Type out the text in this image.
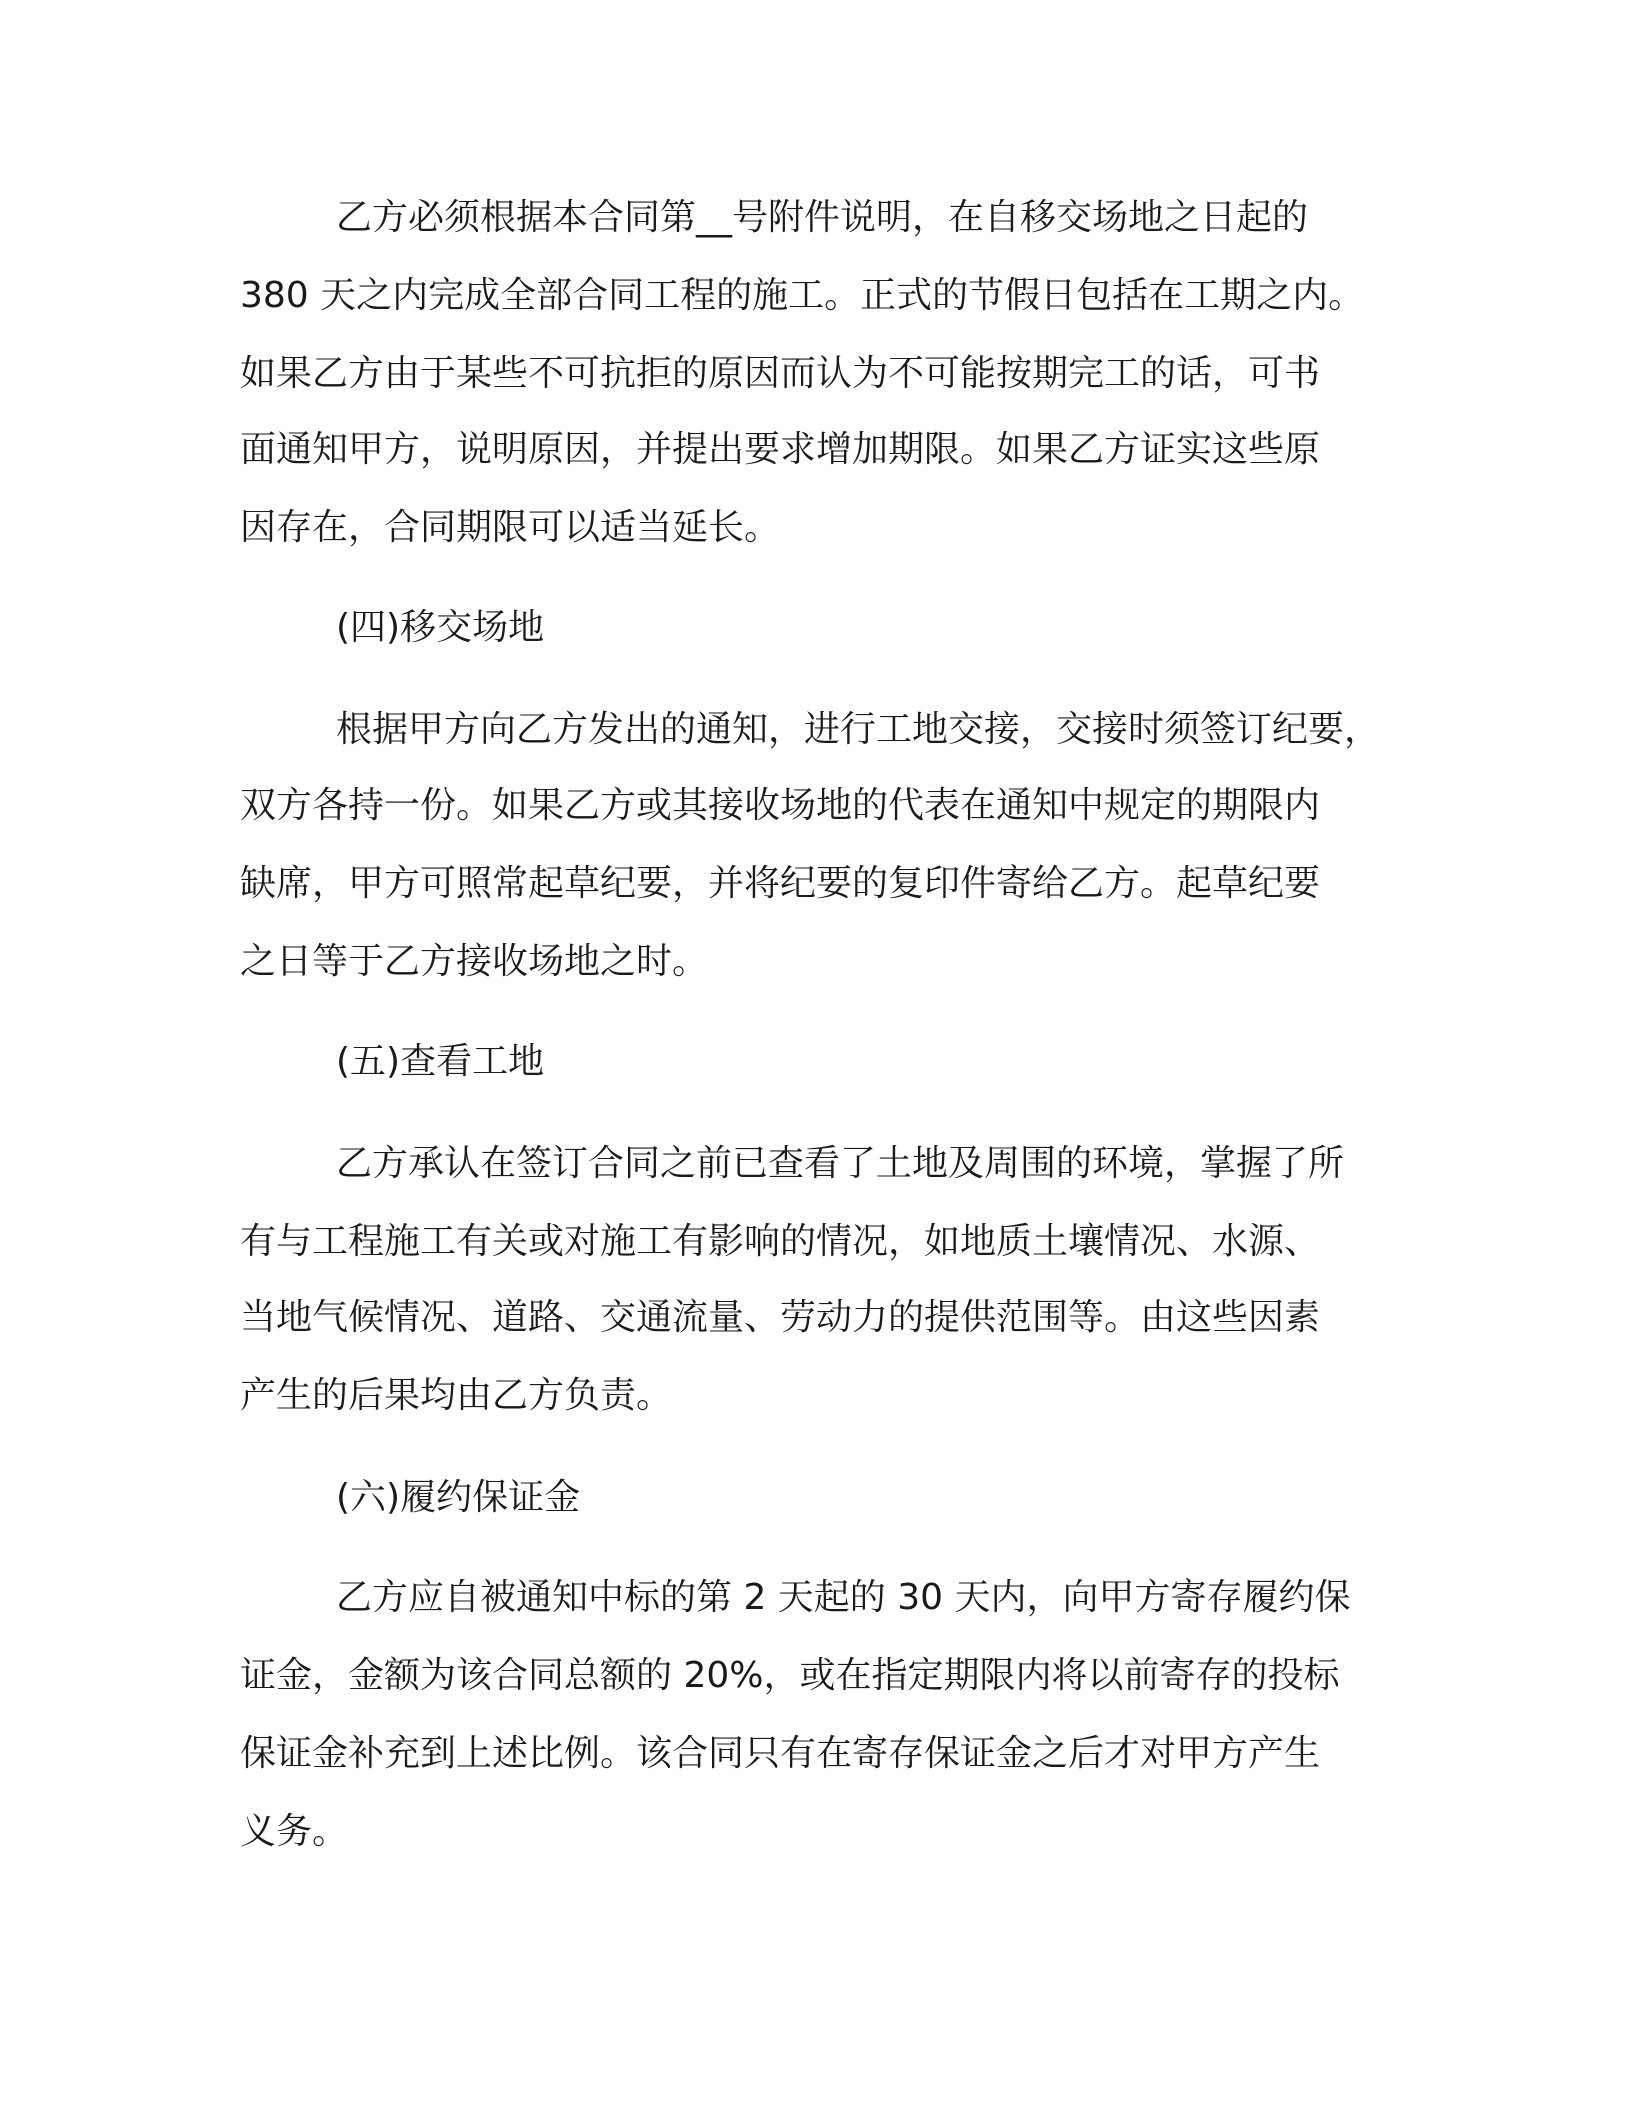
乙方必须根据本合同第__号附件说明，在自移交场地之日起的

380 天之内完成全部合同工程的施工。正式的节假日包括在工期之内。

如果乙方由于某些不可抗拒的原因而认为不可能按期完工的话，可书

面通知甲方，说明原因，并提出要求增加期限。如果乙方证实这些原

因存在，合同期限可以适当延长。

(四)移交场地

根据甲方向乙方发出的通知，进行工地交接，交接时须签订纪要，

双方各持一份。如果乙方或其接收场地的代表在通知中规定的期限内

缺席，甲方可照常起草纪要，并将纪要的复印件寄给乙方。起草纪要

之日等于乙方接收场地之时。

(五)查看工地

乙方承认在签订合同之前已查看了土地及周围的环境，掌握了所

有与工程施工有关或对施工有影响的情况，如地质土壤情况、水源、

当地气候情况、道路、交通流量、劳动力的提供范围等。由这些因素

产生的后果均由乙方负责。

(六)履约保证金

乙方应自被通知中标的第 2 天起的 30 天内，向甲方寄存履约保

证金，金额为该合同总额的 20%，或在指定期限内将以前寄存的投标

保证金补充到上述比例。该合同只有在寄存保证金之后才对甲方产生

义务。
